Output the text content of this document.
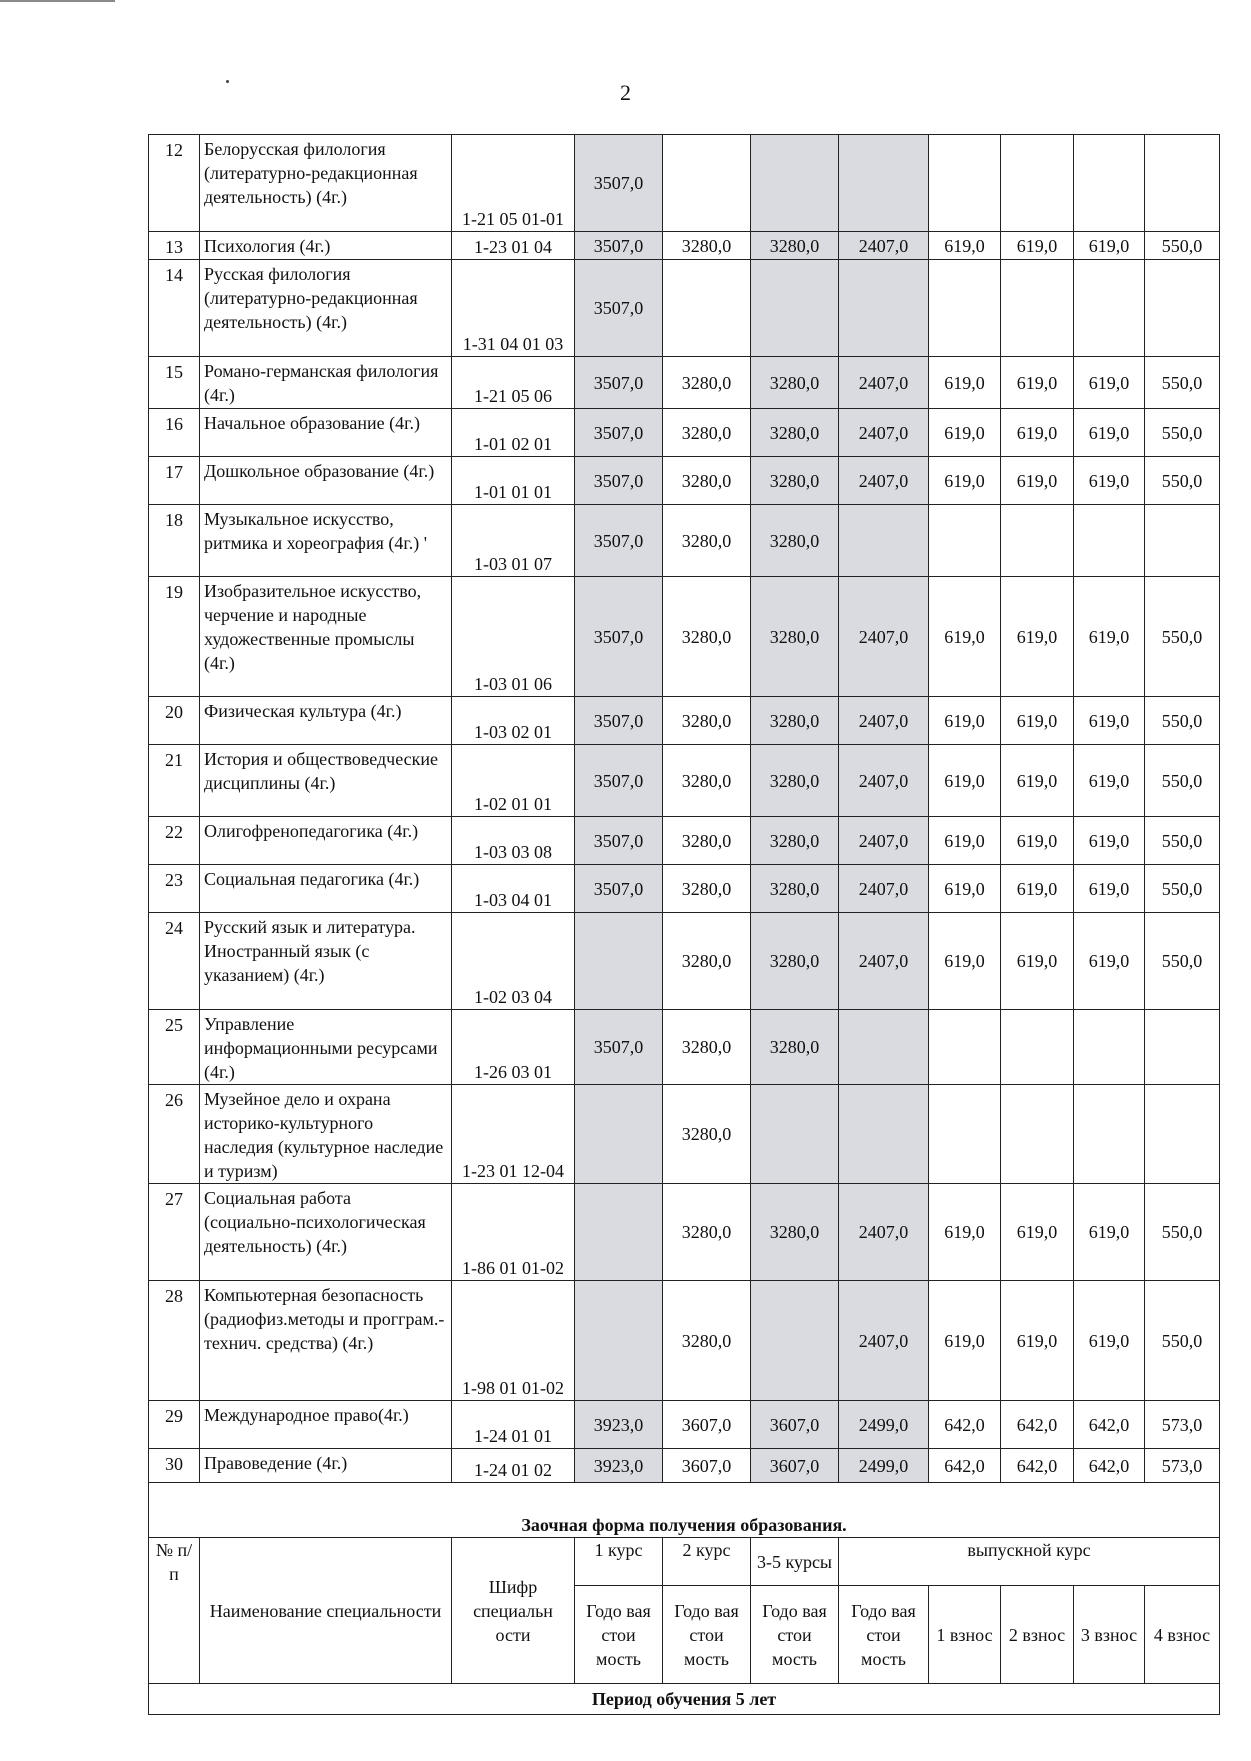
2
12	Белорусская филология (литературно-редакционная деятельность) (4г.)	1-21 05 01-01	3507,0							
13	Психология (4г.)	1-23 01 04	3507,0	3280,0	3280,0	2407,0	619,0	619,0	619,0	550,0
14	Русская филология (литературно-редакционная деятельность) (4г.)	1-31 04 01 03	3507,0							
15	Романо-германская филология (4г.)	1-21 05 06	3507,0	3280,0	3280,0	2407,0	619,0	619,0	619,0	550,0
16	Начальное образование (4г.)	1-01 02 01	3507,0	3280,0	3280,0	2407,0	619,0	619,0	619,0	550,0
17	Дошкольное образование (4г.)	1-01 01 01	3507,0	3280,0	3280,0	2407,0	619,0	619,0	619,0	550,0
18	Музыкальное искусство, ритмика и хореография (4г.) '	1-03 01 07	3507,0	3280,0	3280,0					
19	Изобразительное искусство, черчение и народные художественные промыслы (4г.)	1-03 01 06	3507,0	3280,0	3280,0	2407,0	619,0	619,0	619,0	550,0
20	Физическая культура (4г.)	1-03 02 01	3507,0	3280,0	3280,0	2407,0	619,0	619,0	619,0	550,0
21	История и обществоведческие дисциплины (4г.)	1-02 01 01	3507,0	3280,0	3280,0	2407,0	619,0	619,0	619,0	550,0
22	Олигофренопедагогика (4г.)	1-03 03 08	3507,0	3280,0	3280,0	2407,0	619,0	619,0	619,0	550,0
23	Социальная педагогика (4г.)	1-03 04 01	3507,0	3280,0	3280,0	2407,0	619,0	619,0	619,0	550,0
24	Русский язык и литература. Иностранный язык (с указанием) (4г.)	1-02 03 04		3280,0	3280,0	2407,0	619,0	619,0	619,0	550,0
25	Управление информационными ресурсами (4г.)	1-26 03 01	3507,0	3280,0	3280,0					
26	Музейное дело и охрана историко-культурного наследия (культурное наследие и туризм)	1-23 01 12-04		3280,0						
27	Социальная работа (социально-психологическая деятельность) (4г.)	1-86 01 01-02		3280,0	3280,0	2407,0	619,0	619,0	619,0	550,0
28	Компьютерная безопасность (радиофиз.методы и прогграм.-технич. средства) (4г.)	1-98 01 01-02		3280,0		2407,0	619,0	619,0	619,0	550,0
29	Международное право(4г.)	1-24 01 01	3923,0	3607,0	3607,0	2499,0	642,0	642,0	642,0	573,0
30	Правоведение (4г.)	1-24 01 02	3923,0	3607,0	3607,0	2499,0	642,0	642,0	642,0	573,0
Заочная форма получения образования.										
№ п/п	Наименование специальности	Шифр специальн ости	1 курс	2 курс	3-5 курсы	выпускной курс				
			Годо вая стои мость	Годо вая стои мость	Годо вая стои мость	Годо вая стои мость	1 взнос	2 взнос	3 взнос	4 взнос
Период обучения 5 лет										
